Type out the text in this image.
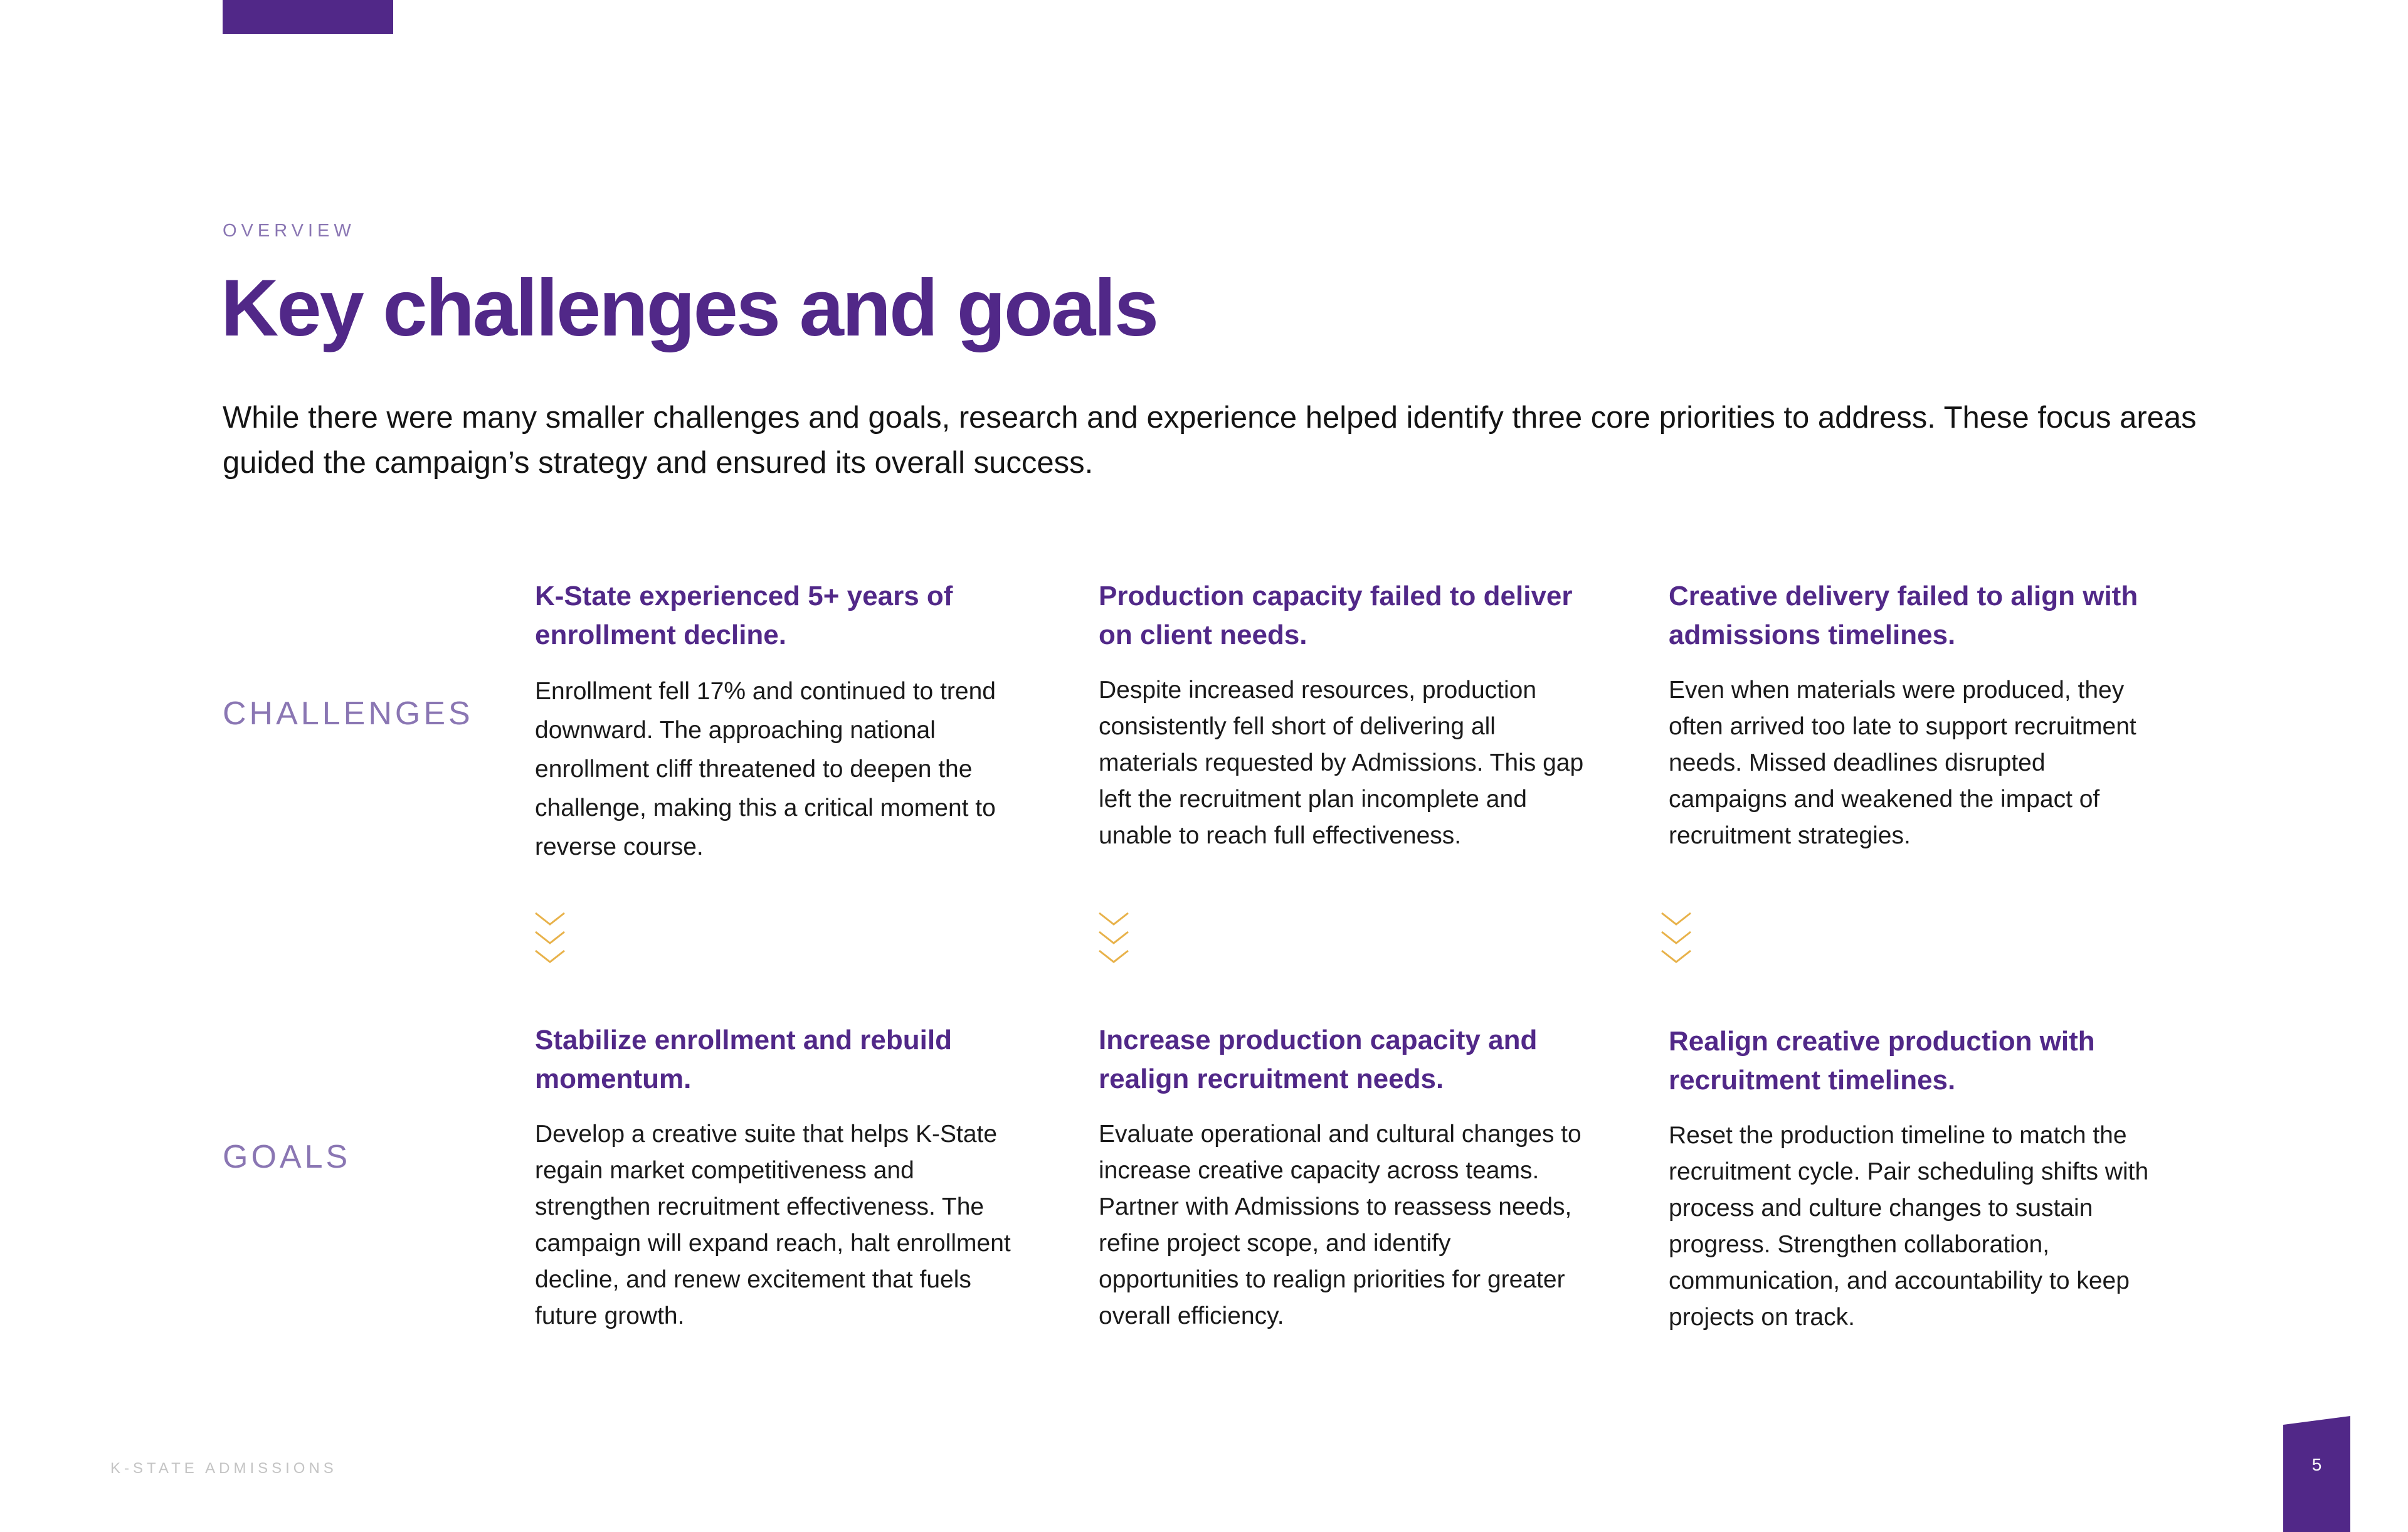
OVERVIEW
Key challenges and goals

While there were many smaller challenges and goals, research and experience helped identify three core priorities to address. These focus areas guided the campaign’s strategy and ensured its overall success.

CHALLENGES
K-State experienced 5+ years of enrollment decline.

Enrollment fell 17% and continued to trend downward. The approaching national enrollment cliff threatened to deepen the challenge, making this a critical moment to reverse course.

Production capacity failed to deliver on client needs.

Despite increased resources, production consistently fell short of delivering all materials requested by Admissions. This gap left the recruitment plan incomplete and unable to reach full effectiveness.

Creative delivery failed to align with admissions timelines.

Even when materials were produced, they often arrived too late to support recruitment needs. Missed deadlines disrupted campaigns and weakened the impact of recruitment strategies.

GOALS
Stabilize enrollment and rebuild momentum.

Develop a creative suite that helps K-State regain market competitiveness and strengthen recruitment effectiveness. The campaign will expand reach, halt enrollment decline, and renew excitement that fuels future growth.

Increase production capacity and realign recruitment needs.

Evaluate operational and cultural changes to increase creative capacity across teams. Partner with Admissions to reassess needs, refine project scope, and identify opportunities to realign priorities for greater overall efficiency.

Realign creative production with recruitment timelines.

Reset the production timeline to match the recruitment cycle. Pair scheduling shifts with process and culture changes to sustain progress. Strengthen collaboration, communication, and accountability to keep projects on track.

K-STATE ADMISSIONS	5
